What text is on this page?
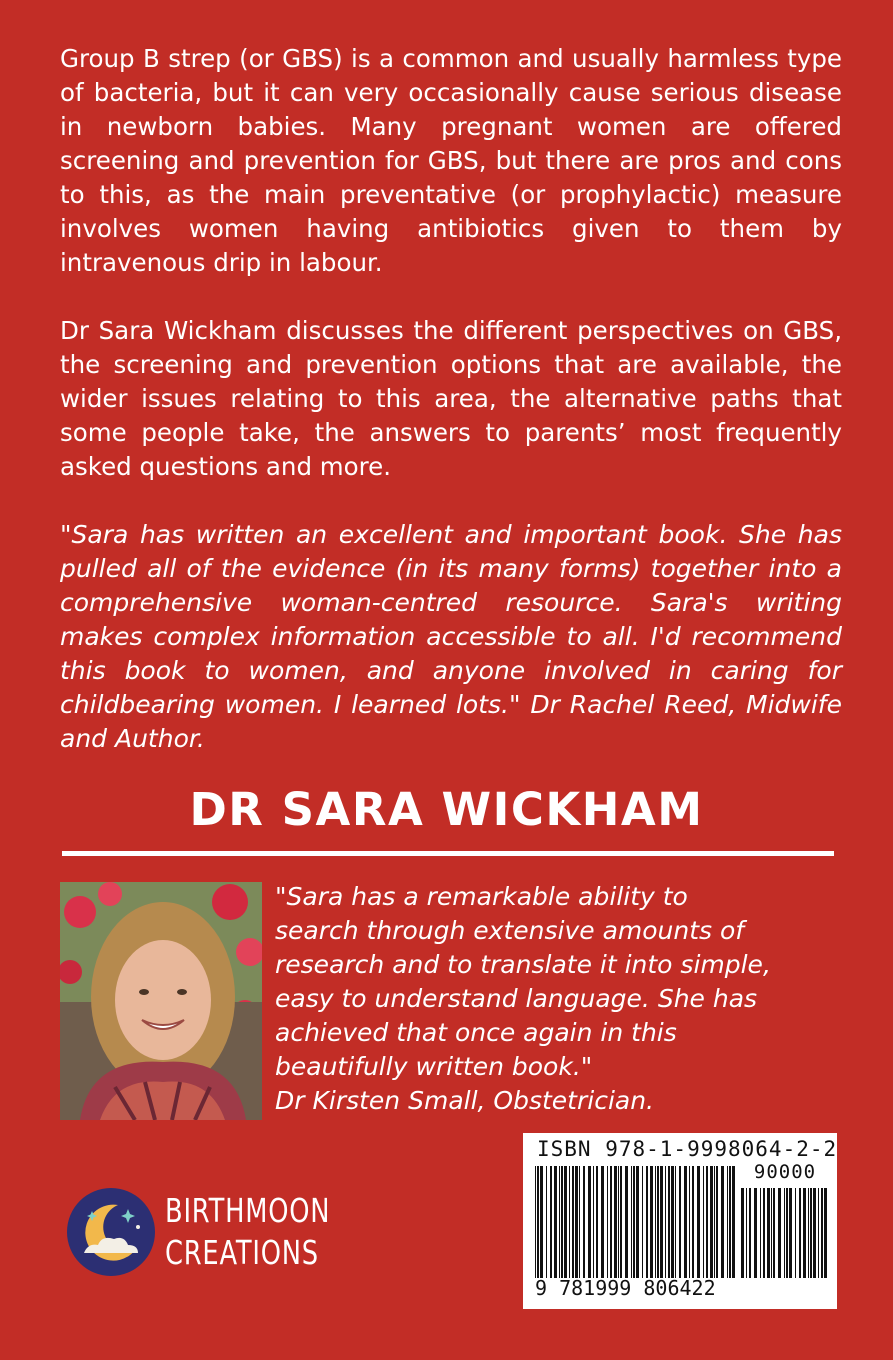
Group B strep (or GBS) is a common and usually harmless type of bacteria, but it can very occasionally cause serious disease in newborn babies. Many pregnant women are offered screening and prevention for GBS, but there are pros and cons to this, as the main preventative (or prophylactic) measure involves women having antibiotics given to them by intravenous drip in labour.

Dr Sara Wickham discusses the different perspectives on GBS, the screening and prevention options that are available, the wider issues relating to this area, the alternative paths that some people take, the answers to parents’ most frequently asked questions and more.

"Sara has written an excellent and important book. She has pulled all of the evidence (in its many forms) together into a comprehensive woman-centred resource. Sara's writing makes complex information accessible to all. I'd recommend this book to women, and anyone involved in caring for childbearing women. I learned lots." Dr Rachel Reed, Midwife and Author.

DR SARA WICKHAM

"Sara has a remarkable ability to
search through extensive amounts of
research and to translate it into simple,
easy to understand language. She has
achieved that once again in this
beautifully written book."
Dr Kirsten Small, Obstetrician.

ISBN 978-1-9998064-2-2
90000
9 781999 806422
BIRTHMOON
CREATIONS
